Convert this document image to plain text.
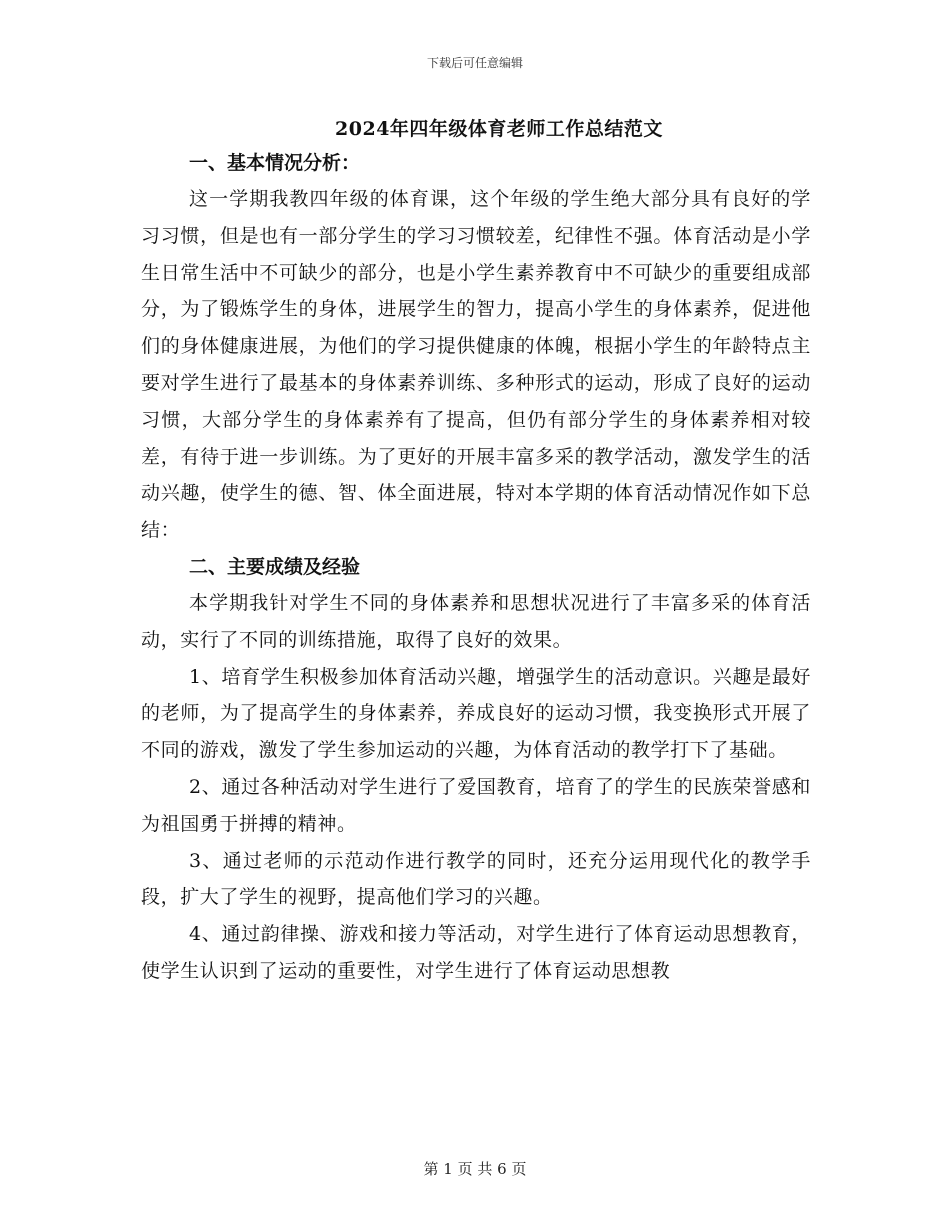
下载后可任意编辑
2024年四年级体育老师工作总结范文

一、基本情况分析：

这一学期我教四年级的体育课，这个年级的学生绝大部分具有良好的学习习惯，但是也有一部分学生的学习习惯较差，纪律性不强。体育活动是小学生日常生活中不可缺少的部分，也是小学生素养教育中不可缺少的重要组成部分，为了锻炼学生的身体，进展学生的智力，提高小学生的身体素养，促进他们的身体健康进展，为他们的学习提供健康的体魄，根据小学生的年龄特点主要对学生进行了最基本的身体素养训练、多种形式的运动，形成了良好的运动习惯，大部分学生的身体素养有了提高，但仍有部分学生的身体素养相对较差，有待于进一步训练。为了更好的开展丰富多采的教学活动，激发学生的活动兴趣，使学生的德、智、体全面进展，特对本学期的体育活动情况作如下总结：

二、主要成绩及经验

本学期我针对学生不同的身体素养和思想状况进行了丰富多采的体育活动，实行了不同的训练措施，取得了良好的效果。

1、培育学生积极参加体育活动兴趣，增强学生的活动意识。兴趣是最好的老师，为了提高学生的身体素养，养成良好的运动习惯，我变换形式开展了不同的游戏，激发了学生参加运动的兴趣，为体育活动的教学打下了基础。

2、通过各种活动对学生进行了爱国教育，培育了的学生的民族荣誉感和为祖国勇于拼搏的精神。

3、通过老师的示范动作进行教学的同时，还充分运用现代化的教学手段，扩大了学生的视野，提高他们学习的兴趣。

4、通过韵律操、游戏和接力等活动，对学生进行了体育运动思想教育，使学生认识到了运动的重要性，对学生进行了体育运动思想教

第 1 页 共 6 页
